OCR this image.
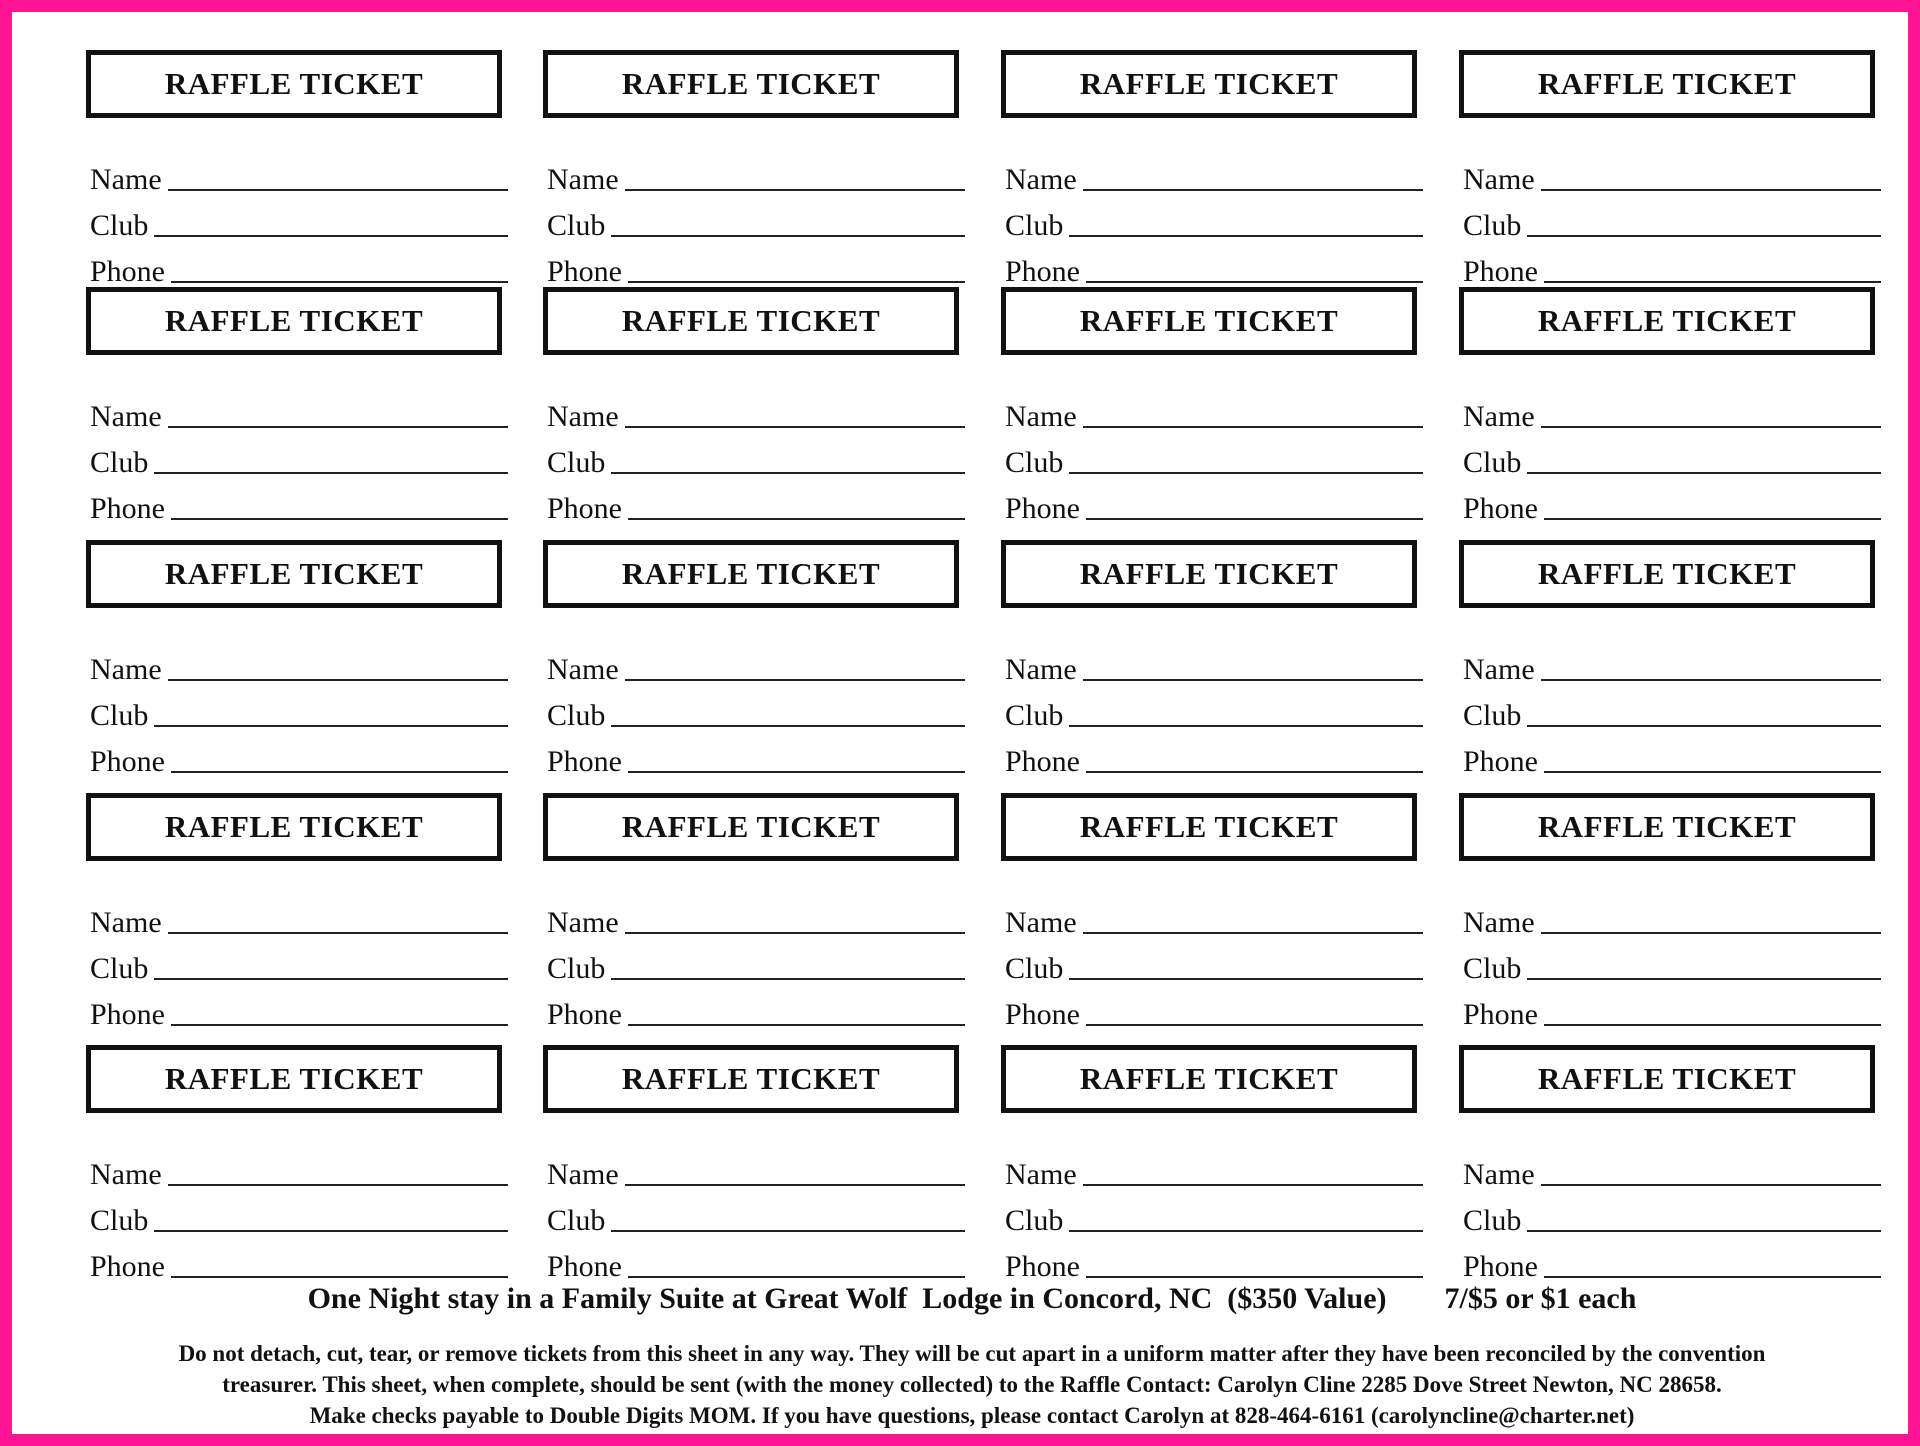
RAFFLE TICKET
Name
Club
Phone
RAFFLE TICKET
Name
Club
Phone
RAFFLE TICKET
Name
Club
Phone
RAFFLE TICKET
Name
Club
Phone
RAFFLE TICKET
Name
Club
Phone
RAFFLE TICKET
Name
Club
Phone
RAFFLE TICKET
Name
Club
Phone
RAFFLE TICKET
Name
Club
Phone
RAFFLE TICKET
Name
Club
Phone
RAFFLE TICKET
Name
Club
Phone
RAFFLE TICKET
Name
Club
Phone
RAFFLE TICKET
Name
Club
Phone
RAFFLE TICKET
Name
Club
Phone
RAFFLE TICKET
Name
Club
Phone
RAFFLE TICKET
Name
Club
Phone
RAFFLE TICKET
Name
Club
Phone
RAFFLE TICKET
Name
Club
Phone
RAFFLE TICKET
Name
Club
Phone
RAFFLE TICKET
Name
Club
Phone
RAFFLE TICKET
Name
Club
Phone
One Night stay in a Family Suite at Great Wolf  Lodge in Concord, NC  ($350 Value) 7/$5 or $1 each
Do not detach, cut, tear, or remove tickets from this sheet in any way. They will be cut apart in a uniform matter after they have been reconciled by the convention
treasurer. This sheet, when complete, should be sent (with the money collected) to the Raffle Contact: Carolyn Cline 2285 Dove Street Newton, NC 28658.
Make checks payable to Double Digits MOM. If you have questions, please contact Carolyn at 828-464-6161 (carolyncline@charter.net)
